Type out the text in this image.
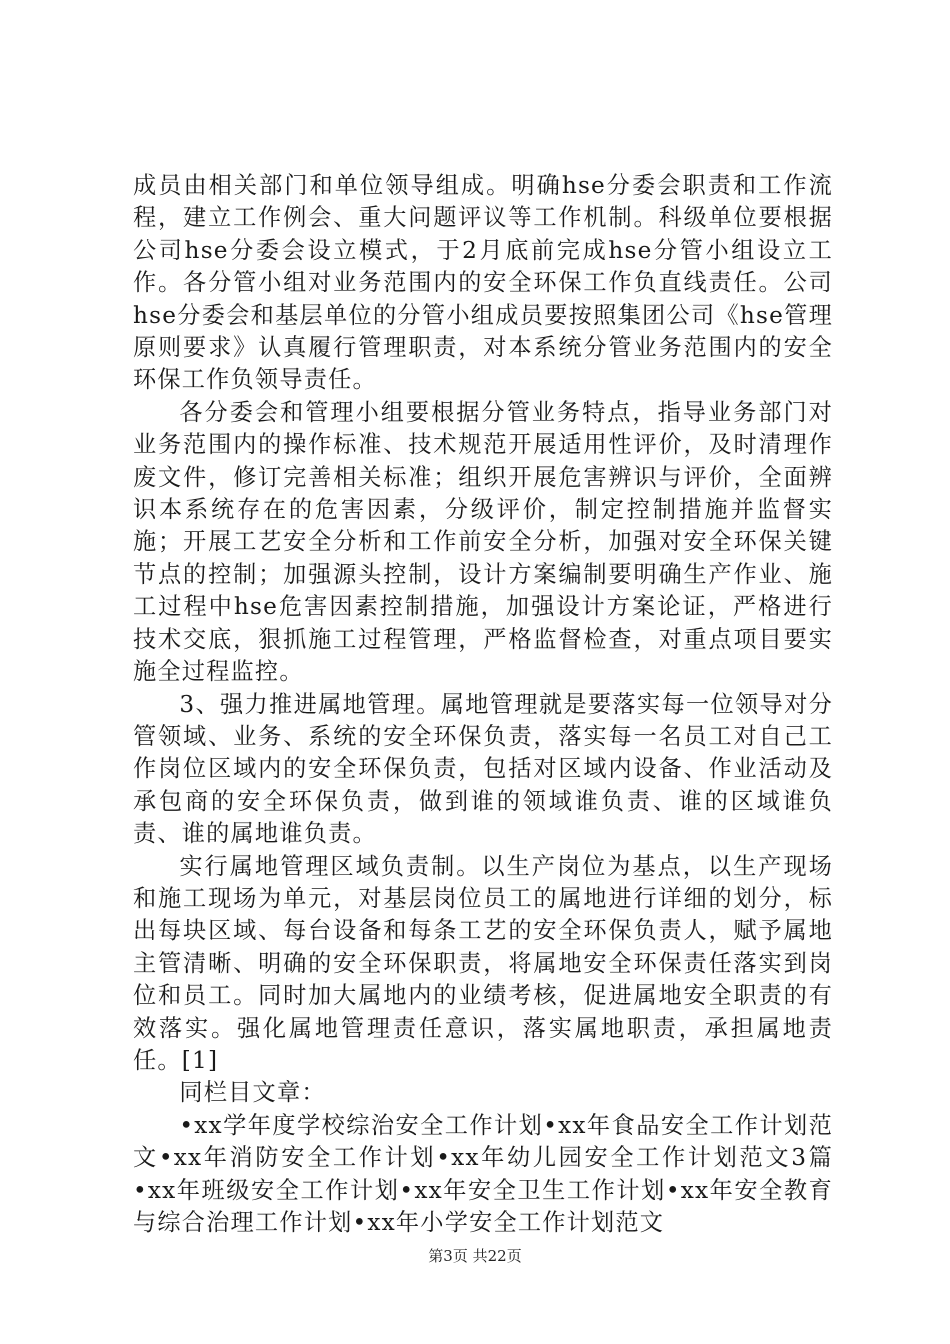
成员由相关部门和单位领导组成。明确hse分委会职责和工作流程，建立工作例会、重大问题评议等工作机制。科级单位要根据公司hse分委会设立模式，于2月底前完成hse分管小组设立工作。各分管小组对业务范围内的安全环保工作负直线责任。公司hse分委会和基层单位的分管小组成员要按照集团公司《hse管理原则要求》认真履行管理职责，对本系统分管业务范围内的安全环保工作负领导责任。

各分委会和管理小组要根据分管业务特点，指导业务部门对业务范围内的操作标准、技术规范开展适用性评价，及时清理作废文件，修订完善相关标准；组织开展危害辨识与评价，全面辨识本系统存在的危害因素，分级评价，制定控制措施并监督实施；开展工艺安全分析和工作前安全分析，加强对安全环保关键节点的控制；加强源头控制，设计方案编制要明确生产作业、施工过程中hse危害因素控制措施，加强设计方案论证，严格进行技术交底，狠抓施工过程管理，严格监督检查，对重点项目要实施全过程监控。

3、强力推进属地管理。属地管理就是要落实每一位领导对分管领域、业务、系统的安全环保负责，落实每一名员工对自己工作岗位区域内的安全环保负责，包括对区域内设备、作业活动及承包商的安全环保负责，做到谁的领域谁负责、谁的区域谁负责、谁的属地谁负责。

实行属地管理区域负责制。以生产岗位为基点，以生产现场和施工现场为单元，对基层岗位员工的属地进行详细的划分，标出每块区域、每台设备和每条工艺的安全环保负责人，赋予属地主管清晰、明确的安全环保职责，将属地安全环保责任落实到岗位和员工。同时加大属地内的业绩考核，促进属地安全职责的有效落实。强化属地管理责任意识，落实属地职责，承担属地责任。[1]

同栏目文章：

•xx学年度学校综治安全工作计划•xx年食品安全工作计划范文•xx年消防安全工作计划•xx年幼儿园安全工作计划范文3篇•xx年班级安全工作计划•xx年安全卫生工作计划•xx年安全教育与综合治理工作计划•xx年小学安全工作计划范文

第3页 共22页
